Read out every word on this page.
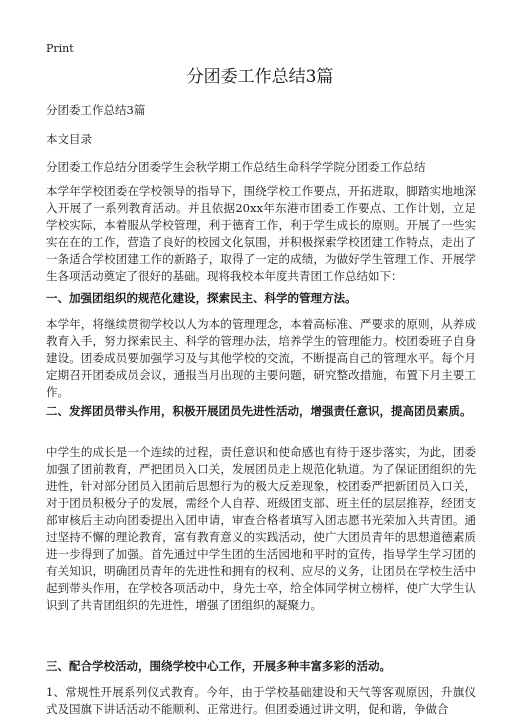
Print
分团委工作总结3篇

分团委工作总结3篇

本文目录

分团委工作总结分团委学生会秋学期工作总结生命科学学院分团委工作总结

本学年学校团委在学校领导的指导下，围绕学校工作要点，开拓进取，脚踏实地地深入开展了一系列教育活动。并且依据20xx年东港市团委工作要点、工作计划，立足学校实际，本着服从学校管理，利于德育工作，利于学生成长的原则。开展了一些实实在在的工作，营造了良好的校园文化氛围，并积极探索学校团建工作特点，走出了一条适合学校团建工作的新路子，取得了一定的成绩，为做好学生管理工作、开展学生各项活动奠定了很好的基础。现将我校本年度共青团工作总结如下：

一、加强团组织的规范化建设，探索民主、科学的管理方法。

本学年，将继续贯彻学校以人为本的管理理念，本着高标准、严要求的原则，从养成教育入手，努力探索民主、科学的管理办法，培养学生的管理能力。校团委班子自身建设。团委成员要加强学习及与其他学校的交流，不断提高自己的管理水平。每个月定期召开团委成员会议，通报当月出现的主要问题，研究整改措施，布置下月主要工作。

二、发挥团员带头作用，积极开展团员先进性活动，增强责任意识，提高团员素质。

中学生的成长是一个连续的过程，责任意识和使命感也有待于逐步落实，为此，团委加强了团前教育，严把团员入口关，发展团员走上规范化轨道。为了保证团组织的先进性，针对部分团员入团前后思想行为的极大反差现象，校团委严把新团员入口关，对于团员积极分子的发展，需经个人自荐、班级团支部、班主任的层层推荐，经团支部审核后主动向团委提出入团申请，审查合格者填写入团志愿书光荣加入共青团。通过坚持不懈的理论教育，富有教育意义的实践活动，使广大团员青年的思想道德素质进一步得到了加强。首先通过中学生团的生活园地和平时的宣传，指导学生学习团的有关知识，明确团员青年的先进性和拥有的权利、应尽的义务，让团员在学校生活中起到带头作用，在学校各项活动中，身先士卒，给全体同学树立榜样，使广大学生认识到了共青团组织的先进性，增强了团组织的凝聚力。

三、配合学校活动，围绕学校中心工作，开展多种丰富多彩的活动。

1、常规性开展系列仪式教育。今年，由于学校基础建设和天气等客观原因，升旗仪式及国旗下讲话活动不能顺利、正常进行。但团委通过讲文明，促和谐，争做合
